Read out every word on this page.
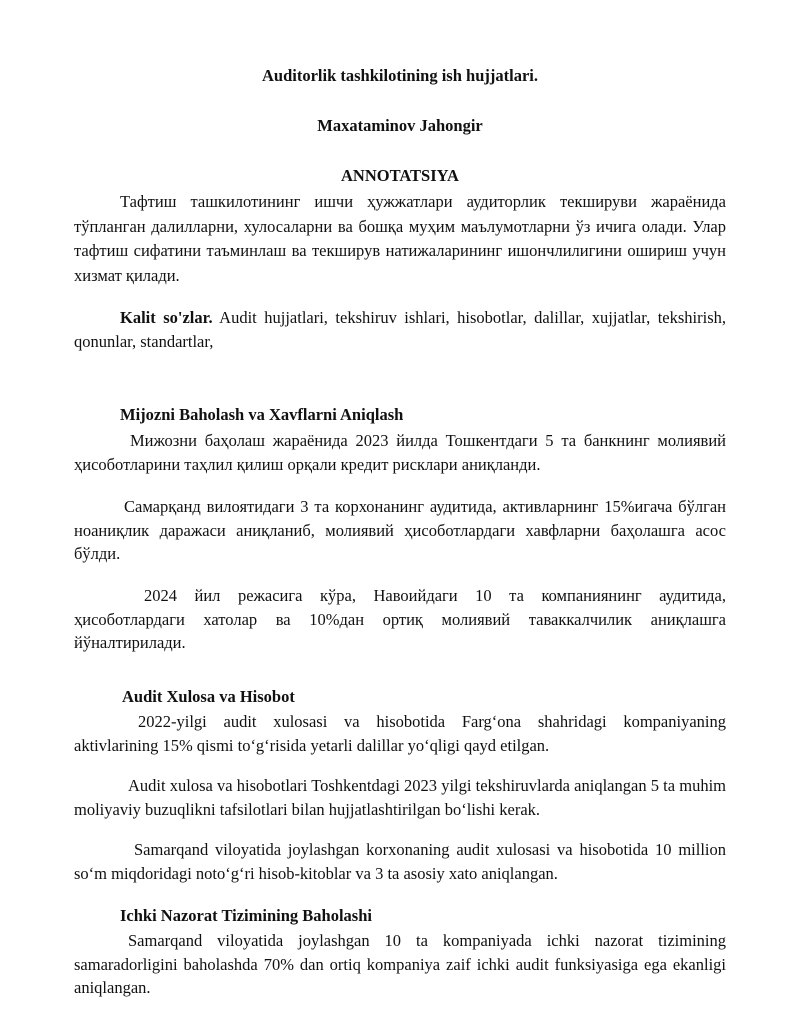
Auditorlik tashkilotining ish hujjatlari.
Maxataminov Jahongir
ANNOTATSIYA
Тафтиш ташкилотининг ишчи ҳужжатлари аудиторлик текшируви жараёнида тўпланган далилларни, хулосаларни ва бошқа муҳим маълумотларни ўз ичига олади. Улар тафтиш сифатини таъминлаш ва текширув натижаларининг ишончлилигини ошириш учун хизмат қилади.
Kalit so'zlar. Audit hujjatlari, tekshiruv ishlari, hisobotlar, dalillar, xujjatlar, tekshirish, qonunlar, standartlar,
Mijozni Baholash va Xavflarni Aniqlash
Мижозни баҳолаш жараёнида 2023 йилда Тошкентдаги 5 та банкнинг молиявий ҳисоботларини таҳлил қилиш орқали кредит рисклари аниқланди.
Самарқанд вилоятидаги 3 та корхонанинг аудитида, активларнинг 15%игача бўлган ноаниқлик даражаси аниқланиб, молиявий ҳисоботлардаги хавфларни баҳолашга асос бўлди.
2024 йил режасига кўра, Навоийдаги 10 та компаниянинг аудитида, ҳисоботлардаги хатолар ва 10%дан ортиқ молиявий таваккалчилик аниқлашга йўналтирилади.
Audit Xulosa va Hisobot
2022-yilgi audit xulosasi va hisobotida Farg‘ona shahridagi kompaniyaning aktivlarining 15% qismi to‘g‘risida yetarli dalillar yo‘qligi qayd etilgan.
Audit xulosa va hisobotlari Toshkentdagi 2023 yilgi tekshiruvlarda aniqlangan 5 ta muhim moliyaviy buzuqlikni tafsilotlari bilan hujjatlashtirilgan bo‘lishi kerak.
Samarqand viloyatida joylashgan korxonaning audit xulosasi va hisobotida 10 million so‘m miqdoridagi noto‘g‘ri hisob-kitoblar va 3 ta asosiy xato aniqlangan.
Ichki Nazorat Tizimining Baholashi
Samarqand viloyatida joylashgan 10 ta kompaniyada ichki nazorat tizimining samaradorligini baholashda 70% dan ortiq kompaniya zaif ichki audit funksiyasiga ega ekanligi aniqlangan.
